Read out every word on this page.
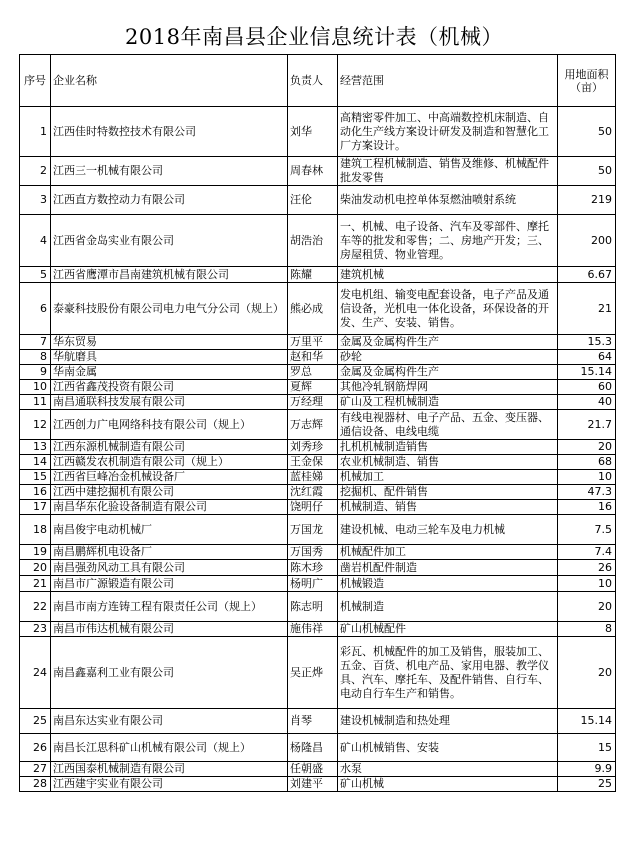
2018年南昌县企业信息统计表（机械）
序号	企业名称	负责人	经营范围	用地面积（亩）
1	江西佳时特数控技术有限公司	刘华	高精密零件加工、中高端数控机床制造、自动化生产线方案设计研发及制造和智慧化工厂方案设计。	50
2	江西三一机械有限公司	周春林	建筑工程机械制造、销售及维修、机械配件批发零售	50
3	江西直方数控动力有限公司	汪伦	柴油发动机电控单体泵燃油喷射系统	219
4	江西省金岛实业有限公司	胡浩治	一、机械、电子设备、汽车及零部件、摩托车等的批发和零售；二、房地产开发；三、房屋租赁、物业管理。	200
5	江西省鹰潭市昌南建筑机械有限公司	陈耀	建筑机械	6.67
6	泰豪科技股份有限公司电力电气分公司（规上）	熊必成	发电机组、输变电配套设备，电子产品及通信设备，光机电一体化设备，环保设备的开发、生产、安装、销售。	21
7	华东贸易	万里平	金属及金属构件生产	15.3
8	华航磨具	赵和华	砂轮	64
9	华南金属	罗总	金属及金属构件生产	15.14
10	江西省鑫茂投资有限公司	夏辉	其他冷轧钢筋焊网	60
11	南昌通联科技发展有限公司	万经理	矿山及工程机械制造	40
12	江西创力广电网络科技有限公司（规上）	万志辉	有线电视器材、电子产品、五金、变压器、通信设备、电线电缆	21.7
13	江西东源机械制造有限公司	刘秀珍	扎机机械制造销售	20
14	江西赣发农机制造有限公司（规上）	王金保	农业机械制造、销售	68
15	江西省巨峰冶金机械设备厂	蓝桂娣	机械加工	10
16	江西中建挖掘机有限公司	沈红霞	挖掘机、配件销售	47.3
17	南昌华东化验设备制造有限公司	饶明仔	机械制造、销售	16
18	南昌俊宇电动机械厂	万国龙	建设机械、电动三轮车及电力机械	7.5
19	南昌鹏辉机电设备厂	万国秀	机械配件加工	7.4
20	南昌强劲风动工具有限公司	陈木珍	凿岩机配件制造	26
21	南昌市广源锻造有限公司	杨明广	机械锻造	10
22	南昌市南方连铸工程有限责任公司（规上）	陈志明	机械制造	20
23	南昌市伟达机械有限公司	施伟祥	矿山机械配件	8
24	南昌鑫嘉利工业有限公司	吴正烨	彩瓦、机械配件的加工及销售，服装加工、五金、百货、机电产品、家用电器、教学仪具、汽车、摩托车、及配件销售、自行车、电动自行车生产和销售。	20
25	南昌东达实业有限公司	肖琴	建设机械制造和热处理	15.14
26	南昌长江思科矿山机械有限公司（规上）	杨隆昌	矿山机械销售、安装	15
27	江西国泰机械制造有限公司	任朝盛	水泵	9.9
28	江西建宇实业有限公司	刘建平	矿山机械	25
